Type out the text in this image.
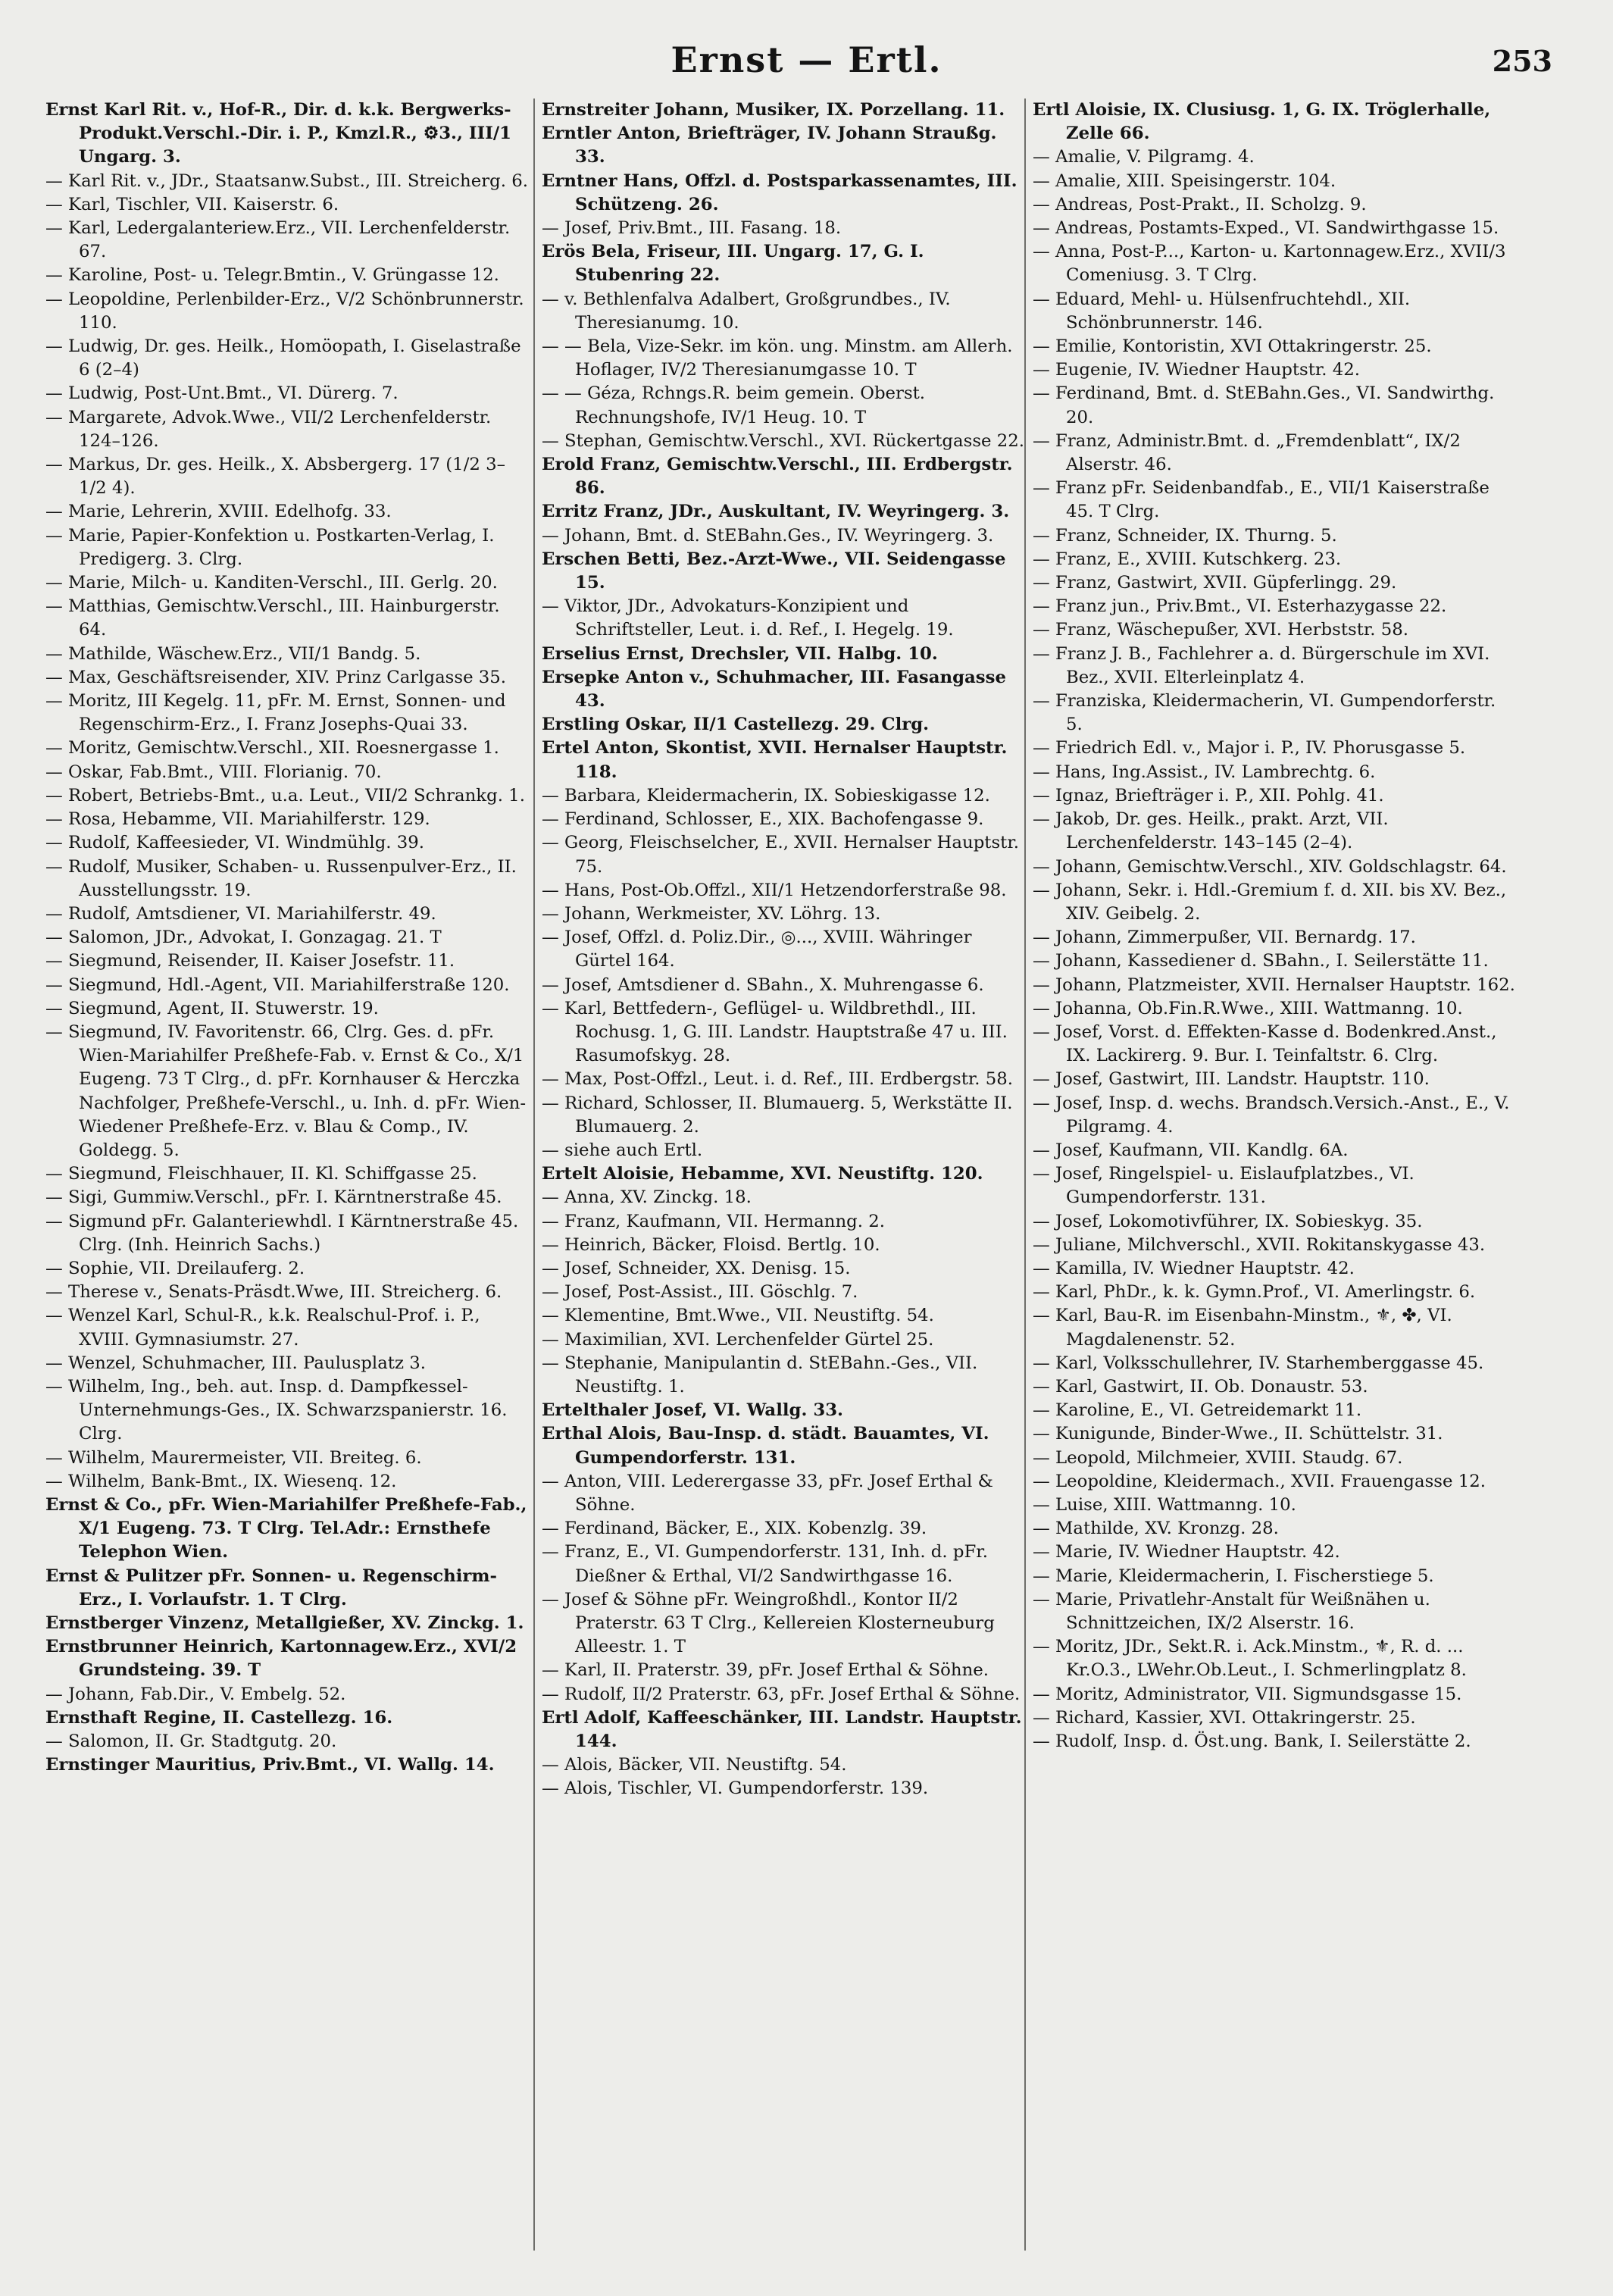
Ernst — Ertl.	253

Ernst Karl Rit. v., Hof-R., Dir. d. k.k. Bergwerks-Produkt.Verschl.-Dir. i. P., Kmzl.R., ⚙3., III/1 Ungarg. 3.

— Karl Rit. v., JDr., Staatsanw.Subst., III. Streicherg. 6.

— Karl, Tischler, VII. Kaiserstr. 6.

— Karl, Ledergalanteriew.Erz., VII. Lerchenfelderstr. 67.

— Karoline, Post- u. Telegr.Bmtin., V. Grüngasse 12.

— Leopoldine, Perlenbilder-Erz., V/2 Schönbrunnerstr. 110.

— Ludwig, Dr. ges. Heilk., Homöopath, I. Giselastraße 6 (2–4)

— Ludwig, Post-Unt.Bmt., VI. Dürerg. 7.

— Margarete, Advok.Wwe., VII/2 Lerchenfelderstr. 124–126.

— Markus, Dr. ges. Heilk., X. Absbergerg. 17 (1/2 3–1/2 4).

— Marie, Lehrerin, XVIII. Edelhofg. 33.

— Marie, Papier-Konfektion u. Postkarten-Verlag, I. Predigerg. 3. Clrg.

— Marie, Milch- u. Kanditen-Verschl., III. Gerlg. 20.

— Matthias, Gemischtw.Verschl., III. Hainburgerstr. 64.

— Mathilde, Wäschew.Erz., VII/1 Bandg. 5.

— Max, Geschäftsreisender, XIV. Prinz Carlgasse 35.

— Moritz, III Kegelg. 11, pFr. M. Ernst, Sonnen- und Regenschirm-Erz., I. Franz Josephs-Quai 33.

— Moritz, Gemischtw.Verschl., XII. Roesnergasse 1.

— Oskar, Fab.Bmt., VIII. Florianig. 70.

— Robert, Betriebs-Bmt., u.a. Leut., VII/2 Schrankg. 1.

— Rosa, Hebamme, VII. Mariahilferstr. 129.

— Rudolf, Kaffeesieder, VI. Windmühlg. 39.

— Rudolf, Musiker, Schaben- u. Russenpulver-Erz., II. Ausstellungsstr. 19.

— Rudolf, Amtsdiener, VI. Mariahilferstr. 49.

— Salomon, JDr., Advokat, I. Gonzagag. 21. T

— Siegmund, Reisender, II. Kaiser Josefstr. 11.

— Siegmund, Hdl.-Agent, VII. Mariahilferstraße 120.

— Siegmund, Agent, II. Stuwerstr. 19.

— Siegmund, IV. Favoritenstr. 66, Clrg. Ges. d. pFr. Wien-Mariahilfer Preßhefe-Fab. v. Ernst & Co., X/1 Eugeng. 73 T Clrg., d. pFr. Kornhauser & Herczka Nachfolger, Preßhefe-Verschl., u. Inh. d. pFr. Wien-Wiedener Preßhefe-Erz. v. Blau & Comp., IV. Goldegg. 5.

— Siegmund, Fleischhauer, II. Kl. Schiffgasse 25.

— Sigi, Gummiw.Verschl., pFr. I. Kärntnerstraße 45.

— Sigmund pFr. Galanteriewhdl. I Kärntnerstraße 45. Clrg. (Inh. Heinrich Sachs.)

— Sophie, VII. Dreilauferg. 2.

— Therese v., Senats-Präsdt.Wwe, III. Streicherg. 6.

— Wenzel Karl, Schul-R., k.k. Realschul-Prof. i. P., XVIII. Gymnasiumstr. 27.

— Wenzel, Schuhmacher, III. Paulusplatz 3.

— Wilhelm, Ing., beh. aut. Insp. d. Dampfkessel-Unternehmungs-Ges., IX. Schwarzspanierstr. 16. Clrg.

— Wilhelm, Maurermeister, VII. Breiteg. 6.

— Wilhelm, Bank-Bmt., IX. Wiesenq. 12.

Ernst & Co., pFr. Wien-Mariahilfer Preßhefe-Fab., X/1 Eugeng. 73. T Clrg. Tel.Adr.: Ernsthefe Telephon Wien.

Ernst & Pulitzer pFr. Sonnen- u. Regenschirm-Erz., I. Vorlaufstr. 1. T Clrg.

Ernstberger Vinzenz, Metallgießer, XV. Zinckg. 1.

Ernstbrunner Heinrich, Kartonnagew.Erz., XVI/2 Grundsteing. 39. T

— Johann, Fab.Dir., V. Embelg. 52.

Ernsthaft Regine, II. Castellezg. 16.

— Salomon, II. Gr. Stadtgutg. 20.

Ernstinger Mauritius, Priv.Bmt., VI. Wallg. 14.

Ernstreiter Johann, Musiker, IX. Porzellang. 11.

Erntler Anton, Briefträger, IV. Johann Straußg. 33.

Erntner Hans, Offzl. d. Postsparkassenamtes, III. Schützeng. 26.

— Josef, Priv.Bmt., III. Fasang. 18.

Erös Bela, Friseur, III. Ungarg. 17, G. I. Stubenring 22.

— v. Bethlenfalva Adalbert, Großgrundbes., IV. Theresianumg. 10.

— — Bela, Vize-Sekr. im kön. ung. Minstm. am Allerh. Hoflager, IV/2 Theresianumgasse 10. T

— — Géza, Rchngs.R. beim gemein. Oberst. Rechnungshofe, IV/1 Heug. 10. T

— Stephan, Gemischtw.Verschl., XVI. Rückertgasse 22.

Erold Franz, Gemischtw.Verschl., III. Erdbergstr. 86.

Erritz Franz, JDr., Auskultant, IV. Weyringerg. 3.

— Johann, Bmt. d. StEBahn.Ges., IV. Weyringerg. 3.

Erschen Betti, Bez.-Arzt-Wwe., VII. Seidengasse 15.

— Viktor, JDr., Advokaturs-Konzipient und Schriftsteller, Leut. i. d. Ref., I. Hegelg. 19.

Erselius Ernst, Drechsler, VII. Halbg. 10.

Ersepke Anton v., Schuhmacher, III. Fasangasse 43.

Erstling Oskar, II/1 Castellezg. 29. Clrg.

Ertel Anton, Skontist, XVII. Hernalser Hauptstr. 118.

— Barbara, Kleidermacherin, IX. Sobieskigasse 12.

— Ferdinand, Schlosser, E., XIX. Bachofengasse 9.

— Georg, Fleischselcher, E., XVII. Hernalser Hauptstr. 75.

— Hans, Post-Ob.Offzl., XII/1 Hetzendorferstraße 98.

— Johann, Werkmeister, XV. Löhrg. 13.

— Josef, Offzl. d. Poliz.Dir., ◎..., XVIII. Währinger Gürtel 164.

— Josef, Amtsdiener d. SBahn., X. Muhrengasse 6.

— Karl, Bettfedern-, Geflügel- u. Wildbrethdl., III. Rochusg. 1, G. III. Landstr. Hauptstraße 47 u. III. Rasumofskyg. 28.

— Max, Post-Offzl., Leut. i. d. Ref., III. Erdbergstr. 58.

— Richard, Schlosser, II. Blumauerg. 5, Werkstätte II. Blumauerg. 2.

— siehe auch Ertl.

Ertelt Aloisie, Hebamme, XVI. Neustiftg. 120.

— Anna, XV. Zinckg. 18.

— Franz, Kaufmann, VII. Hermanng. 2.

— Heinrich, Bäcker, Floisd. Bertlg. 10.

— Josef, Schneider, XX. Denisg. 15.

— Josef, Post-Assist., III. Göschlg. 7.

— Klementine, Bmt.Wwe., VII. Neustiftg. 54.

— Maximilian, XVI. Lerchenfelder Gürtel 25.

— Stephanie, Manipulantin d. StEBahn.-Ges., VII. Neustiftg. 1.

Ertelthaler Josef, VI. Wallg. 33.

Erthal Alois, Bau-Insp. d. städt. Bauamtes, VI. Gumpendorferstr. 131.

— Anton, VIII. Lederergasse 33, pFr. Josef Erthal & Söhne.

— Ferdinand, Bäcker, E., XIX. Kobenzlg. 39.

— Franz, E., VI. Gumpendorferstr. 131, Inh. d. pFr. Dießner & Erthal, VI/2 Sandwirthgasse 16.

— Josef & Söhne pFr. Weingroßhdl., Kontor II/2 Praterstr. 63 T Clrg., Kellereien Klosterneuburg Alleestr. 1. T

— Karl, II. Praterstr. 39, pFr. Josef Erthal & Söhne.

— Rudolf, II/2 Praterstr. 63, pFr. Josef Erthal & Söhne.

Ertl Adolf, Kaffeeschänker, III. Landstr. Hauptstr. 144.

— Alois, Bäcker, VII. Neustiftg. 54.

— Alois, Tischler, VI. Gumpendorferstr. 139.

Ertl Aloisie, IX. Clusiusg. 1, G. IX. Tröglerhalle, Zelle 66.

— Amalie, V. Pilgramg. 4.

— Amalie, XIII. Speisingerstr. 104.

— Andreas, Post-Prakt., II. Scholzg. 9.

— Andreas, Postamts-Exped., VI. Sandwirthgasse 15.

— Anna, Post-P..., Karton- u. Kartonnagew.Erz., XVII/3 Comeniusg. 3. T Clrg.

— Eduard, Mehl- u. Hülsenfruchtehdl., XII. Schönbrunnerstr. 146.

— Emilie, Kontoristin, XVI Ottakringerstr. 25.

— Eugenie, IV. Wiedner Hauptstr. 42.

— Ferdinand, Bmt. d. StEBahn.Ges., VI. Sandwirthg. 20.

— Franz, Administr.Bmt. d. „Fremdenblatt“, IX/2 Alserstr. 46.

— Franz pFr. Seidenbandfab., E., VII/1 Kaiserstraße 45. T Clrg.

— Franz, Schneider, IX. Thurng. 5.

— Franz, E., XVIII. Kutschkerg. 23.

— Franz, Gastwirt, XVII. Güpferlingg. 29.

— Franz jun., Priv.Bmt., VI. Esterhazygasse 22.

— Franz, Wäschepußer, XVI. Herbststr. 58.

— Franz J. B., Fachlehrer a. d. Bürgerschule im XVI. Bez., XVII. Elterleinplatz 4.

— Franziska, Kleidermacherin, VI. Gumpendorferstr. 5.

— Friedrich Edl. v., Major i. P., IV. Phorusgasse 5.

— Hans, Ing.Assist., IV. Lambrechtg. 6.

— Ignaz, Briefträger i. P., XII. Pohlg. 41.

— Jakob, Dr. ges. Heilk., prakt. Arzt, VII. Lerchenfelderstr. 143–145 (2–4).

— Johann, Gemischtw.Verschl., XIV. Goldschlagstr. 64.

— Johann, Sekr. i. Hdl.-Gremium f. d. XII. bis XV. Bez., XIV. Geibelg. 2.

— Johann, Zimmerpußer, VII. Bernardg. 17.

— Johann, Kassediener d. SBahn., I. Seilerstätte 11.

— Johann, Platzmeister, XVII. Hernalser Hauptstr. 162.

— Johanna, Ob.Fin.R.Wwe., XIII. Wattmanng. 10.

— Josef, Vorst. d. Effekten-Kasse d. Bodenkred.Anst., IX. Lackirerg. 9. Bur. I. Teinfaltstr. 6. Clrg.

— Josef, Gastwirt, III. Landstr. Hauptstr. 110.

— Josef, Insp. d. wechs. Brandsch.Versich.-Anst., E., V. Pilgramg. 4.

— Josef, Kaufmann, VII. Kandlg. 6A.

— Josef, Ringelspiel- u. Eislaufplatzbes., VI. Gumpendorferstr. 131.

— Josef, Lokomotivführer, IX. Sobieskyg. 35.

— Juliane, Milchverschl., XVII. Rokitanskygasse 43.

— Kamilla, IV. Wiedner Hauptstr. 42.

— Karl, PhDr., k. k. Gymn.Prof., VI. Amerlingstr. 6.

— Karl, Bau-R. im Eisenbahn-Minstm., ⚜, ✤, VI. Magdalenenstr. 52.

— Karl, Volksschullehrer, IV. Starhemberggasse 45.

— Karl, Gastwirt, II. Ob. Donaustr. 53.

— Karoline, E., VI. Getreidemarkt 11.

— Kunigunde, Binder-Wwe., II. Schüttelstr. 31.

— Leopold, Milchmeier, XVIII. Staudg. 67.

— Leopoldine, Kleidermach., XVII. Frauengasse 12.

— Luise, XIII. Wattmanng. 10.

— Mathilde, XV. Kronzg. 28.

— Marie, IV. Wiedner Hauptstr. 42.

— Marie, Kleidermacherin, I. Fischerstiege 5.

— Marie, Privatlehr-Anstalt für Weißnähen u. Schnittzeichen, IX/2 Alserstr. 16.

— Moritz, JDr., Sekt.R. i. Ack.Minstm., ⚜, R. d. ... Kr.O.3., LWehr.Ob.Leut., I. Schmerlingplatz 8.

— Moritz, Administrator, VII. Sigmundsgasse 15.

— Richard, Kassier, XVI. Ottakringerstr. 25.

— Rudolf, Insp. d. Öst.ung. Bank, I. Seilerstätte 2.
